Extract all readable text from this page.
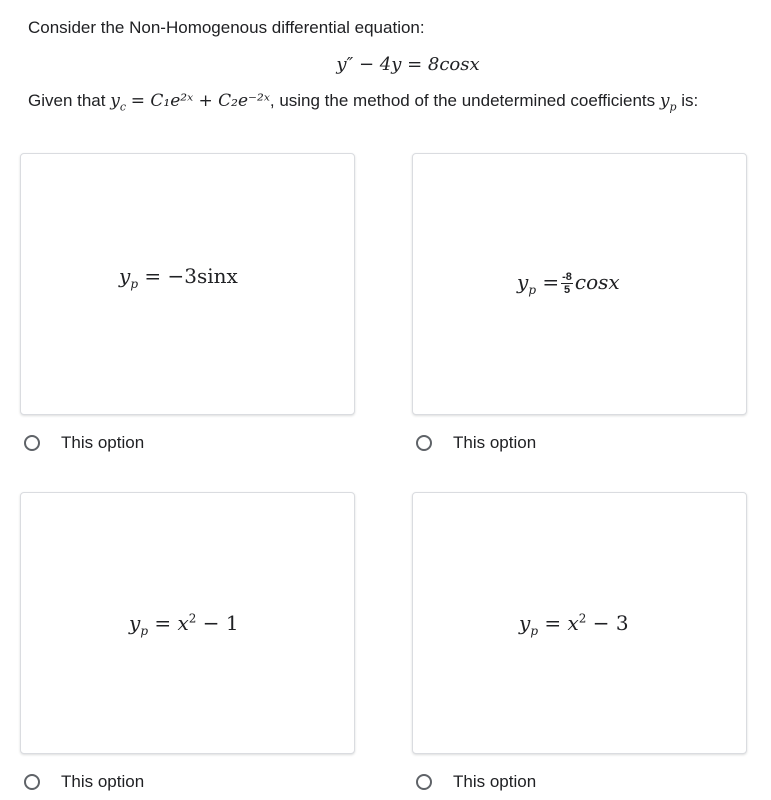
Consider the Non-Homogenous differential equation:
y″ − 4y = 8cosx
Given that $y_c$ = C₁e²ˣ + C₂e⁻²ˣ, using the method of the undetermined coefficients $y_p$ is:
$y_p = -3\sin x$
This option
$y_p = \frac{-8}{5}$ cosx
This option
$y_p = x^2 - 1$
This option
$y_p = x^2 - 3$
This option
